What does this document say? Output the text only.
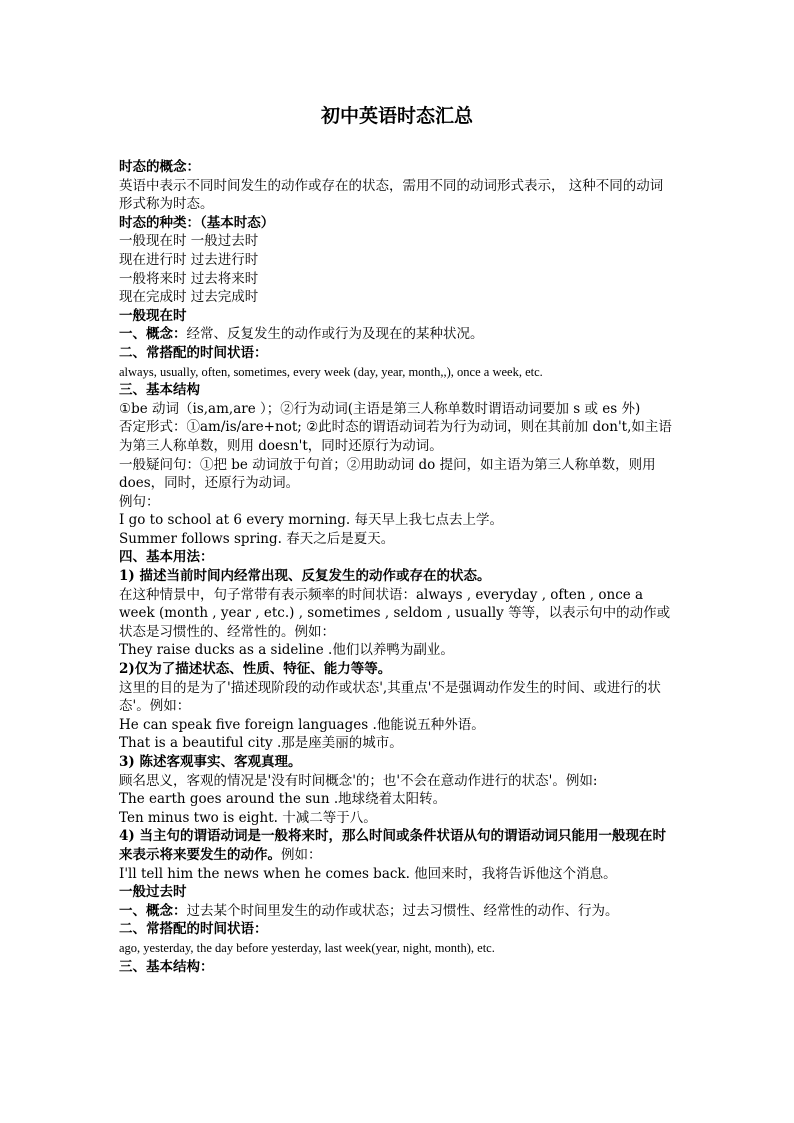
初中英语时态汇总
时态的概念：
英语中表示不同时间发生的动作或存在的状态，需用不同的动词形式表示， 这种不同的动词形式称为时态。
时态的种类：（基本时态）
一般现在时 一般过去时
现在进行时 过去进行时
一般将来时 过去将来时
现在完成时 过去完成时
一般现在时
一、概念：经常、反复发生的动作或行为及现在的某种状况。
二、常搭配的时间状语：
always, usually, often, sometimes, every week (day, year, month,,), once a week, etc.
三、基本结构
①be 动词（is,am,are ）；②行为动词(主语是第三人称单数时谓语动词要加 s 或 es 外)
否定形式：①am/is/are+not; ②此时态的谓语动词若为行为动词，则在其前加 don't,如主语为第三人称单数，则用 doesn't，同时还原行为动词。
一般疑问句：①把 be 动词放于句首；②用助动词 do 提问，如主语为第三人称单数，则用 does，同时，还原行为动词。
例句：
I go to school at 6 every morning. 每天早上我七点去上学。
Summer follows spring. 春天之后是夏天。
四、基本用法：
1) 描述当前时间内经常出现、反复发生的动作或存在的状态。
在这种情景中，句子常带有表示频率的时间状语：always , everyday , often , once a week (month , year , etc.) , sometimes , seldom , usually 等等，以表示句中的动作或状态是习惯性的、经常性的。例如：
They raise ducks as a sideline .他们以养鸭为副业。
2)仅为了描述状态、性质、特征、能力等等。
这里的目的是为了'描述现阶段的动作或状态',其重点'不是强调动作发生的时间、或进行的状态'。例如：
He can speak five foreign languages .他能说五种外语。
That is a beautiful city .那是座美丽的城市。
3) 陈述客观事实、客观真理。
顾名思义，客观的情况是'没有时间概念'的；也'不会在意动作进行的状态'。例如:
The earth goes around the sun .地球绕着太阳转。
Ten minus two is eight. 十减二等于八。
4) 当主句的谓语动词是一般将来时，那么时间或条件状语从句的谓语动词只能用一般现在时来表示将来要发生的动作。例如：
I'll tell him the news when he comes back. 他回来时，我将告诉他这个消息。
一般过去时
一、概念：过去某个时间里发生的动作或状态；过去习惯性、经常性的动作、行为。
二、常搭配的时间状语：
ago, yesterday, the day before yesterday, last week(year, night, month), etc.
三、基本结构：
